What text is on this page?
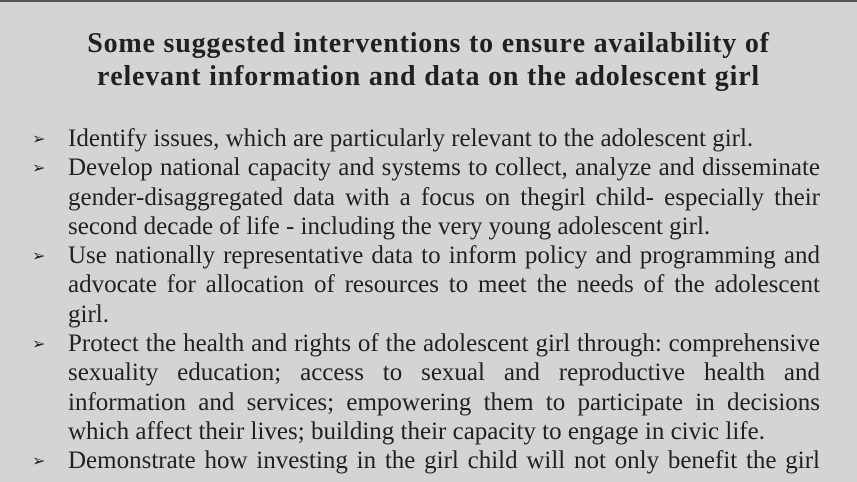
Some suggested interventions to ensure availability of
relevant information and data on the adolescent girl
➢
Identify issues, which are particularly relevant to the adolescent girl.
➢
Develop national capacity and systems to collect, analyze and disseminate gender-disaggregated data with a focus on thegirl child- especially their second decade of life - including the very young adolescent girl.
➢
Use nationally representative data to inform policy and programming and advocate for allocation of resources to meet the needs of the adolescent girl.
➢
Protect the health and rights of the adolescent girl through: comprehensive sexuality education; access to sexual and reproductive health and information and services; empowering them to participate in decisions which affect their lives; building their capacity to engage in civic life.
➢
Demonstrate how investing in the girl child will not only benefit the girl
